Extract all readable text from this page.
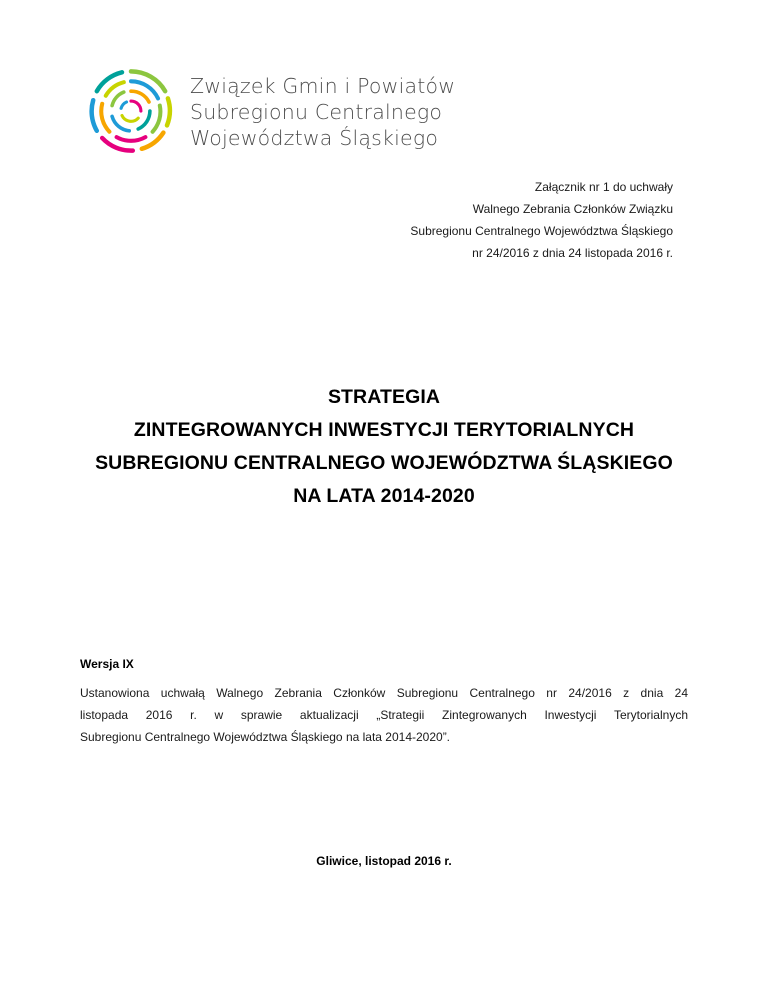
Związek Gmin i Powiatów
Subregionu Centralnego
Województwa Śląskiego
Załącznik nr 1 do uchwały
Walnego Zebrania Członków Związku
Subregionu Centralnego Województwa Śląskiego
nr 24/2016 z dnia 24 listopada 2016 r.
STRATEGIA
ZINTEGROWANYCH INWESTYCJI TERYTORIALNYCH
SUBREGIONU CENTRALNEGO WOJEWÓDZTWA ŚLĄSKIEGO
NA LATA 2014-2020
Wersja IX
Ustanowiona uchwałą Walnego Zebrania Członków Subregionu Centralnego nr 24/2016 z dnia 24
listopada 2016 r. w sprawie aktualizacji „Strategii Zintegrowanych Inwestycji Terytorialnych
Subregionu Centralnego Województwa Śląskiego na lata 2014-2020”.
Gliwice, listopad 2016 r.
